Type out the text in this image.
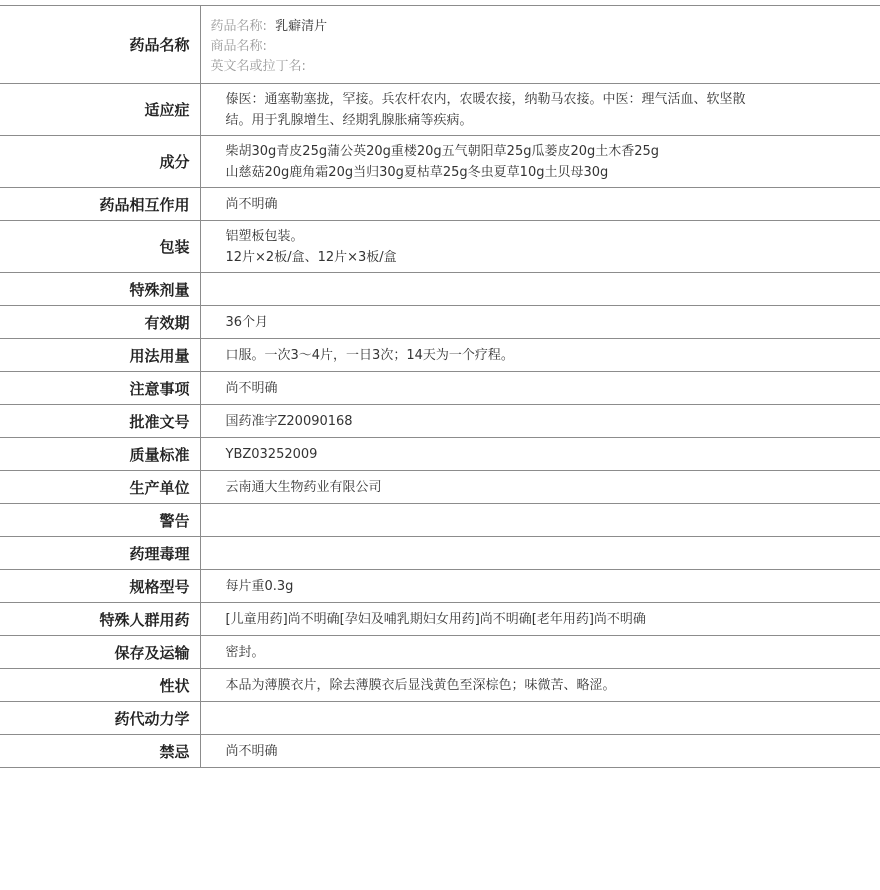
药品名称	药品名称: 乳癖清片
商品名称:
英文名或拉丁名:

适应症	傣医：通塞勒塞拢，罕接。兵农杆农内，农暖农接，纳勒马农接。中医：理气活血、软坚散
结。用于乳腺增生、经期乳腺胀痛等疾病。

成分	柴胡30g青皮25g蒲公英20g重楼20g五气朝阳草25g瓜蒌皮20g土木香25g
山慈菇20g鹿角霜20g当归30g夏枯草25g冬虫夏草10g土贝母30g

药品相互作用	尚不明确

包装	铝塑板包装。
12片×2板/盒、12片×3板/盒

特殊剂量	

有效期	36个月

用法用量	口服。一次3～4片，一日3次；14天为一个疗程。

注意事项	尚不明确

批准文号	国药准字Z20090168

质量标准	YBZ03252009

生产单位	云南通大生物药业有限公司

警告	

药理毒理	

规格型号	每片重0.3g

特殊人群用药	[儿童用药]尚不明确[孕妇及哺乳期妇女用药]尚不明确[老年用药]尚不明确

保存及运输	密封。

性状	本品为薄膜衣片，除去薄膜衣后显浅黄色至深棕色；味微苦、略涩。

药代动力学	

禁忌	尚不明确
